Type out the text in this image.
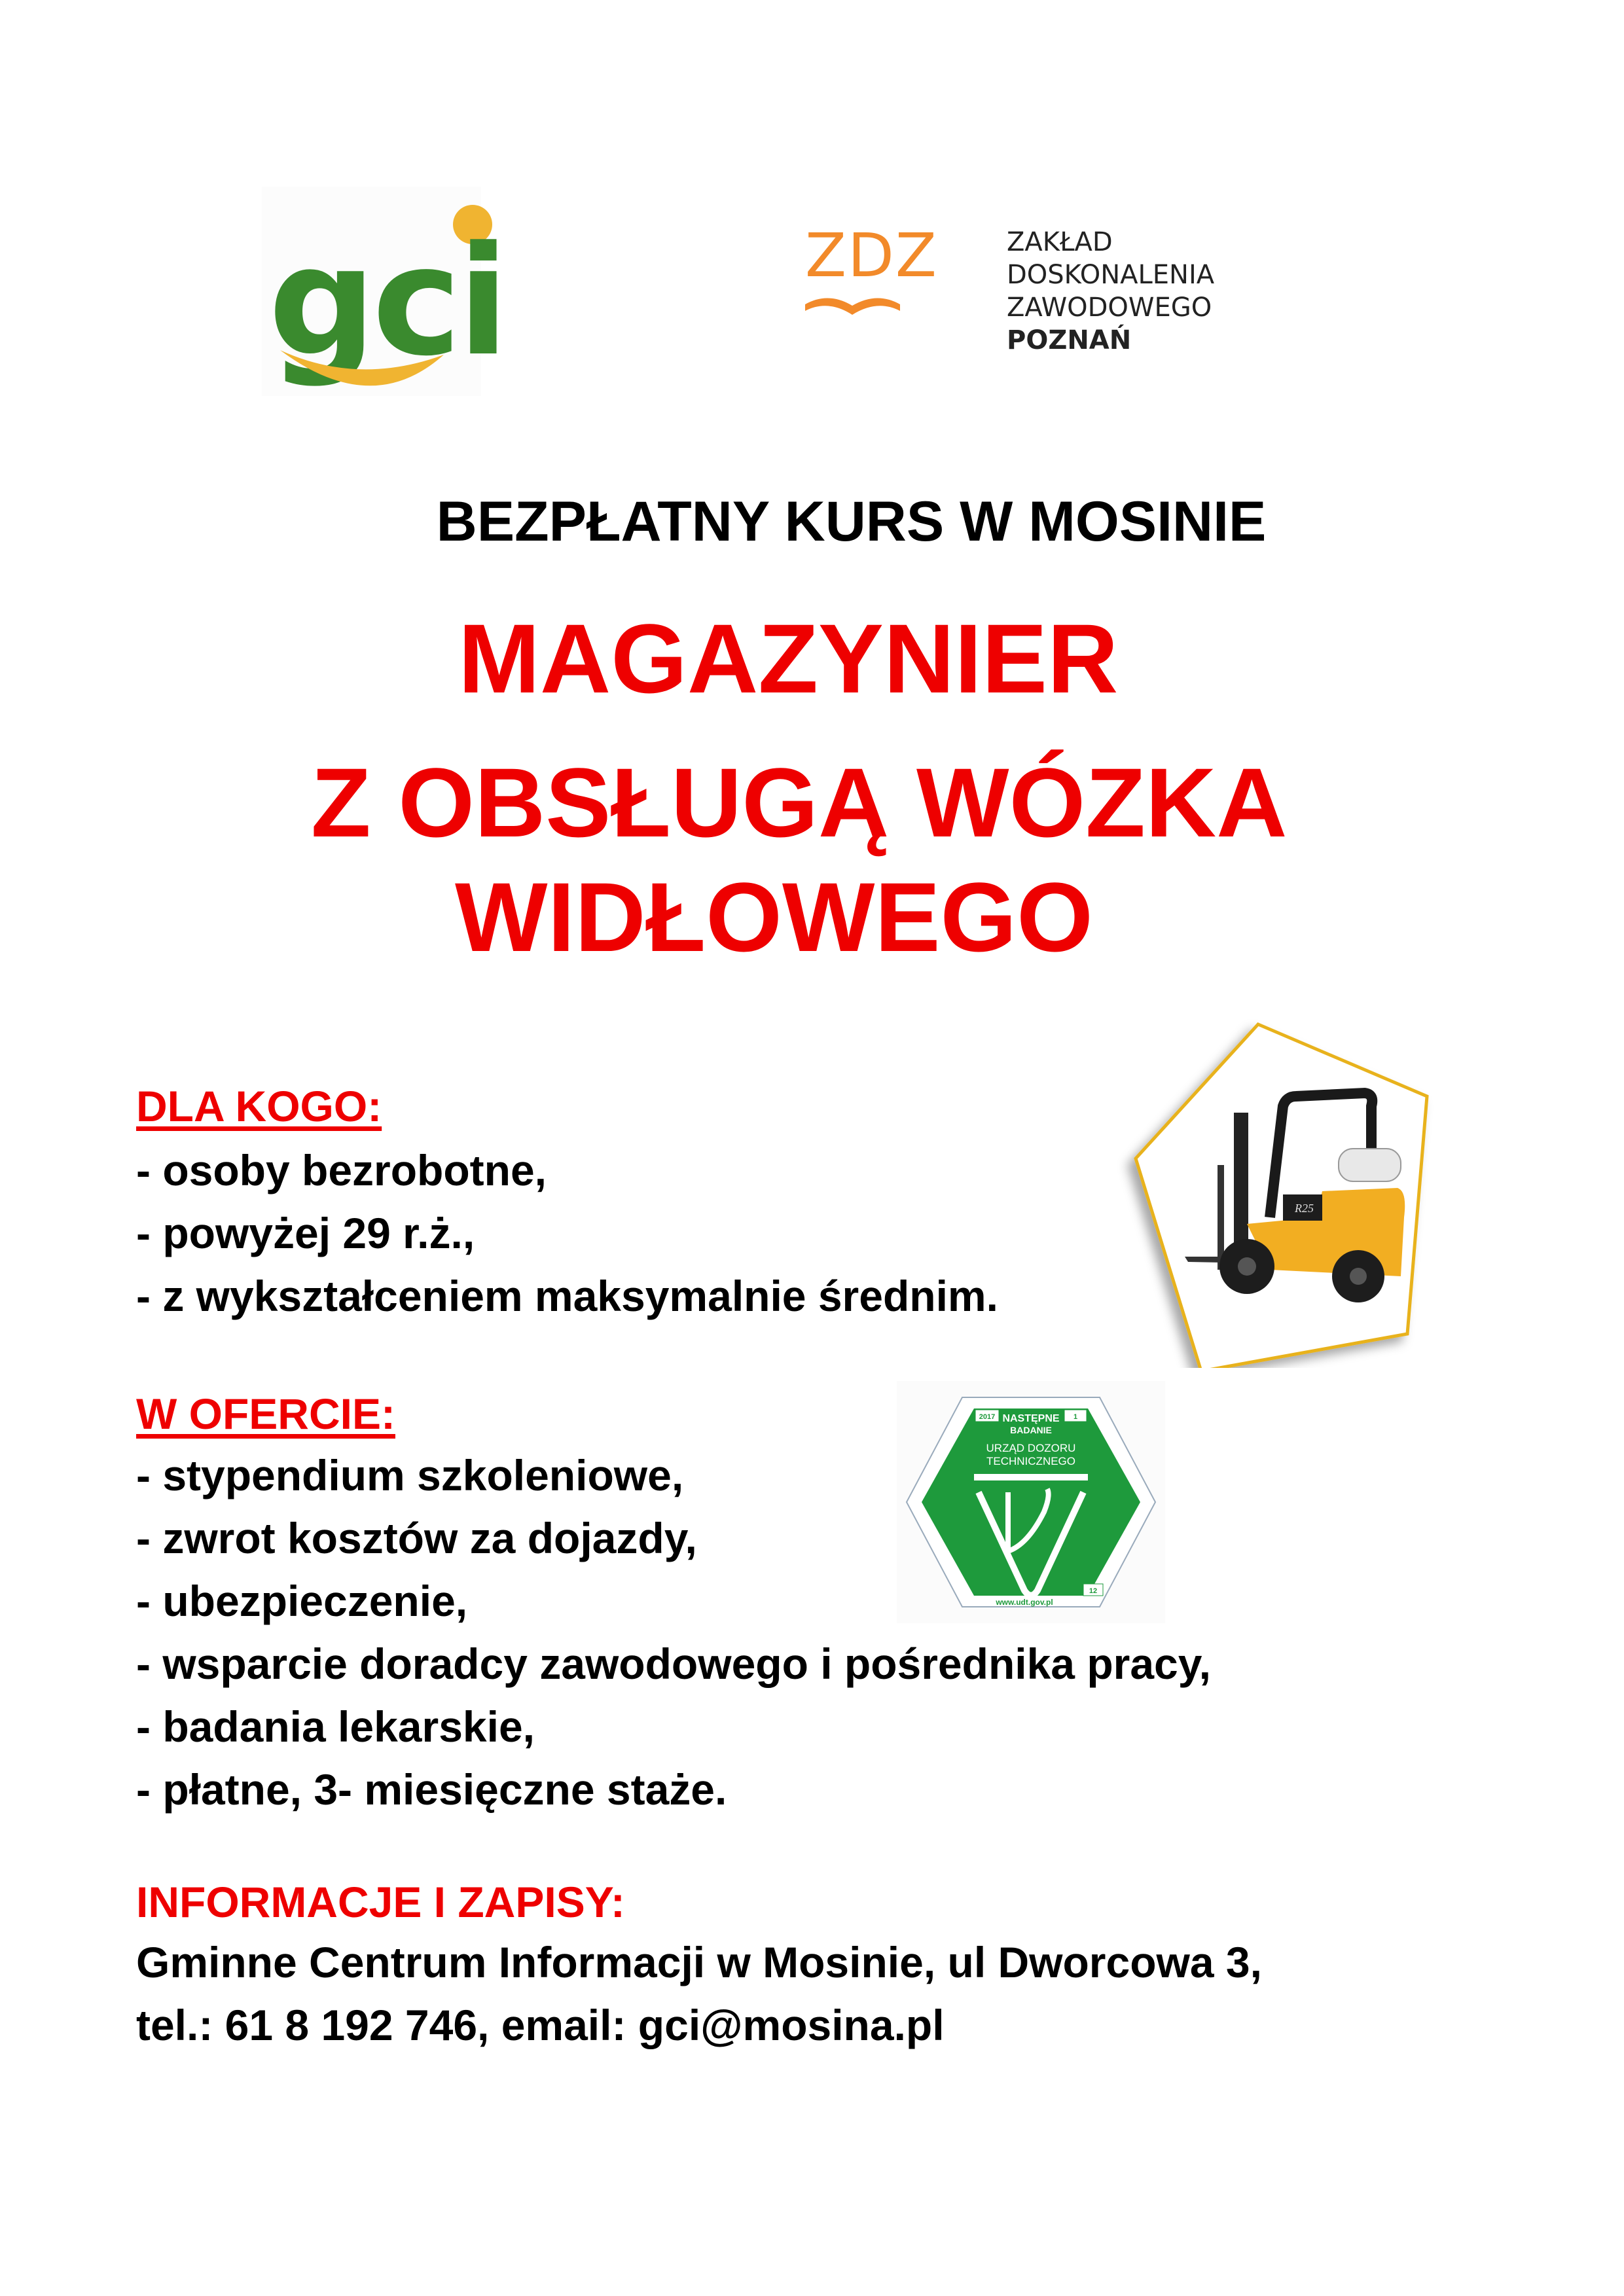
gci	ZDZ	ZAKŁAD
DOSKONALENIA
ZAWODOWEGO
POZNAŃ
BEZPŁATNY KURS W MOSINIE
MAGAZYNIER
Z OBSŁUGĄ WÓZKA
WIDŁOWEGO
DLA KOGO:
- osoby bezrobotne,
- powyżej 29 r.ż.,
- z wykształceniem maksymalnie średnim.
R25
W OFERCIE:
- stypendium szkoleniowe,
- zwrot kosztów za dojazdy,
- ubezpieczenie,
- wsparcie doradcy zawodowego i pośrednika pracy,
- badania lekarskie,
- płatne, 3- miesięczne staże.
NASTĘPNE
BADANIE
2017	1
URZĄD DOZORU
TECHNICZNEGO
12
www.udt.gov.pl
INFORMACJE I ZAPISY:
Gminne Centrum Informacji w Mosinie, ul Dworcowa 3,
tel.: 61 8 192 746, email: gci@mosina.pl
